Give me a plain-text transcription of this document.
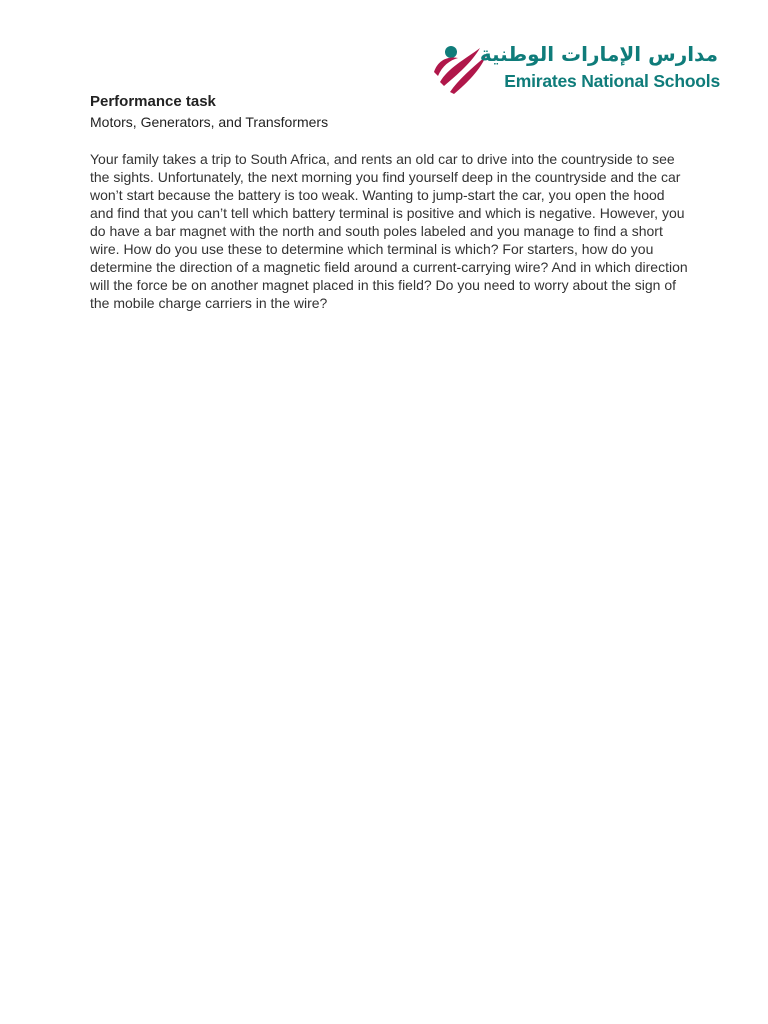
مدارس الإمارات الوطنية
Emirates National Schools
Performance task

Motors, Generators, and Transformers

Your family takes a trip to South Africa, and rents an old car to drive into the countryside to see the sights. Unfortunately, the next morning you find yourself deep in the countryside and the car won’t start because the battery is too weak. Wanting to jump-start the car, you open the hood and find that you can’t tell which battery terminal is positive and which is negative. However, you do have a bar magnet with the north and south poles labeled and you manage to find a short wire. How do you use these to determine which terminal is which? For starters, how do you determine the direction of a magnetic field around a current-carrying wire? And in which direction will the force be on another magnet placed in this field? Do you need to worry about the sign of the mobile charge carriers in the wire?
